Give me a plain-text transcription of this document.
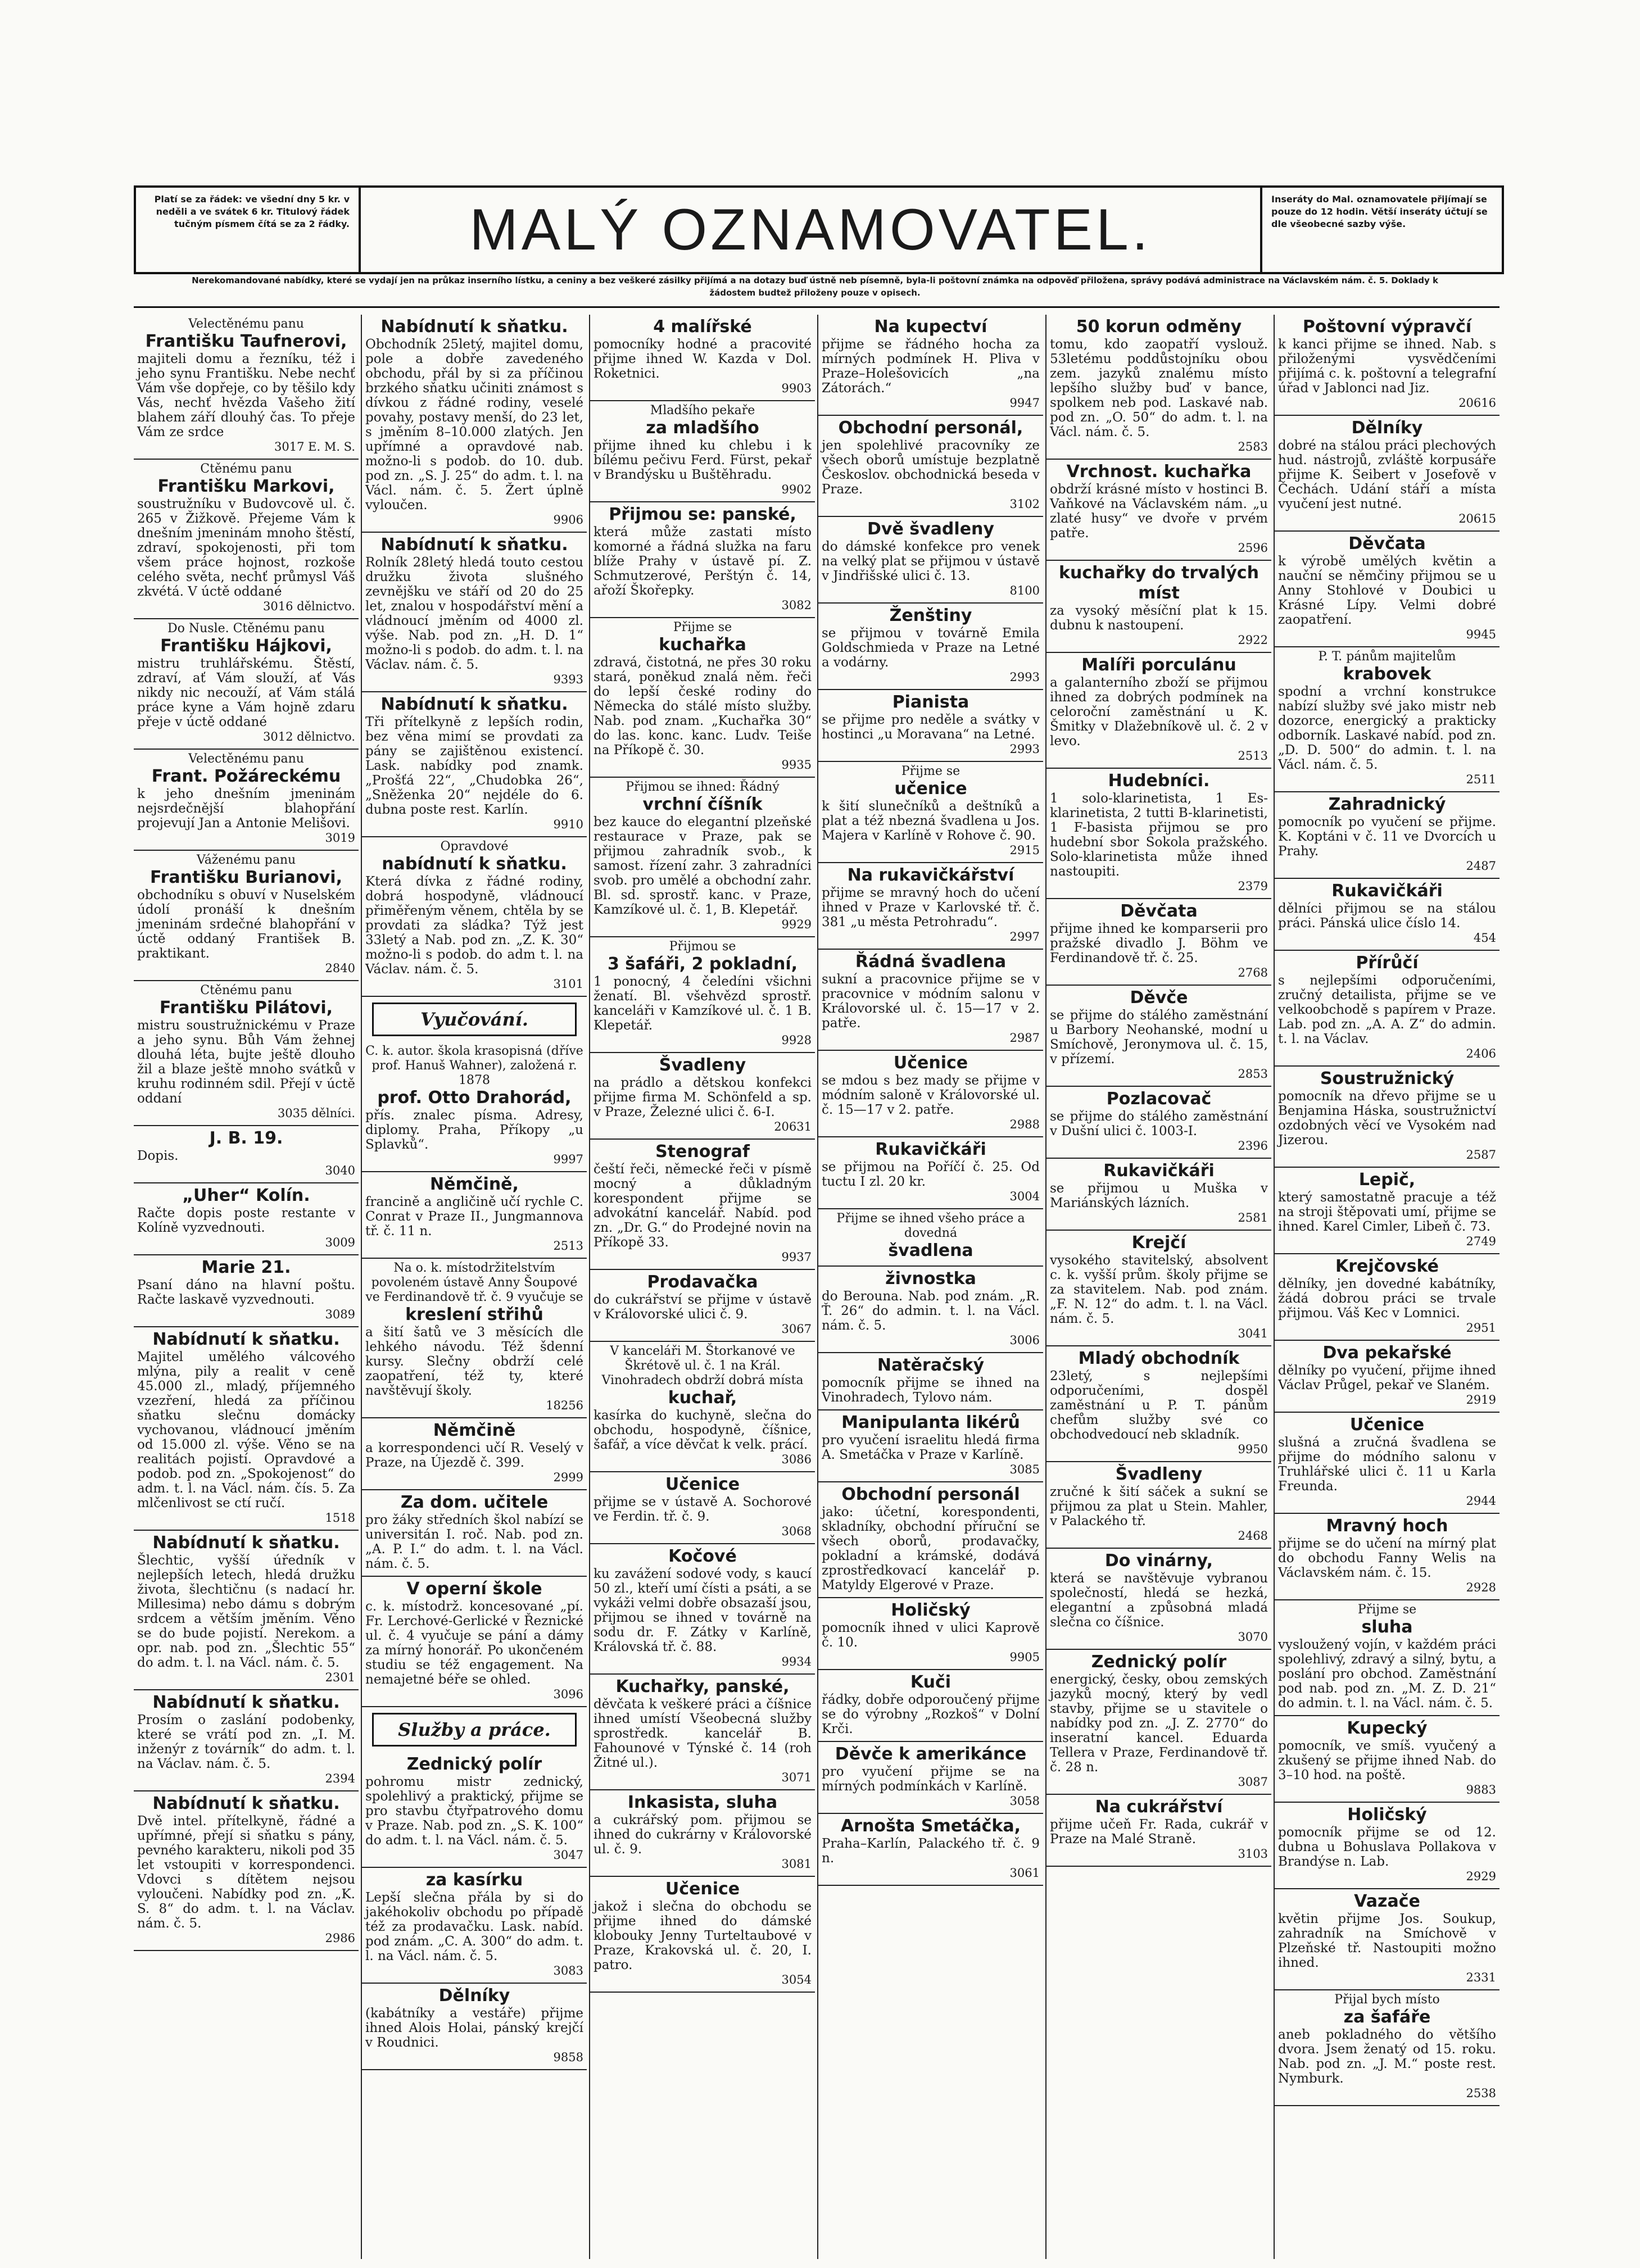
Platí se za řádek: ve všední dny 5 kr. v neděli a ve svátek 6 kr. Titulový řádek tučným písmem čítá se za 2 řádky.	MALÝ OZNAMOVATEL.	Inseráty do Mal. oznamovatele přijímají se pouze do 12 hodin. Větší inseráty účtují se dle všeobecné sazby výše.
Nerekomandované nabídky, které se vydají jen na průkaz inserního lístku, a ceniny a bez veškeré zásilky přijímá a na dotazy buď ústně neb písemně, byla-li poštovní známka na odpověď přiložena, správy podává administrace na Václavském nám. č. 5. Doklady k žádostem budtež přiloženy pouze v opisech.
Velectěnému panu
Františku Taufnerovi,
majiteli domu a řezníku, též i jeho synu Františku. Nebe nechť Vám vše dopřeje, co by těšilo kdy Vás, nechť hvězda Vašeho žití blahem září dlouhý čas. To přeje Vám ze srdce
3017 E. M. S.
Ctěnému panu
Františku Markovi,
soustružníku v Budovcově ul. č. 265 v Žižkově. Přejeme Vám k dnešním jmeninám mnoho štěstí, zdraví, spokojenosti, při tom všem práce hojnost, rozkoše celého světa, nechť průmysl Váš zkvétá. V úctě oddané
3016 dělnictvo.
Do Nusle. Ctěnému panu
Františku Hájkovi,
mistru truhlářskému. Štěstí, zdraví, ať Vám slouží, ať Vás nikdy nic neсouží, ať Vám stálá práce kyne a Vám hojně zdaru přeje v úctě oddané
3012 dělnictvo.
Velectěnému panu
Frant. Požárеckému
k jeho dnešním jmeninám nejsrdečnější blahopřání projevují Jan a Antonie Melišovi.
3019
Váženému panu
Františku Burianovi,
obchodníku s obuví v Nuselském údolí pronáší k dnešním jmeninám srdečné blahopřání v úctě oddaný František B. praktikant.
2840
Ctěnému panu
Františku Pilátovi,
mistru soustružnickému v Praze a jeho synu. Bůh Vám žehnej dlouhá léta, bujte ještě dlouho žil a blaze ještě mnoho svátků v kruhu rodinném sdil. Přejí v úctě oddaní
3035 dělníci.
J. B. 19.
Dopis.
3040
„Uher“ Kolín.
Račte dopis poste restante v Kolíně vyzvednouti.
3009
Marie 21.
Psaní dáno na hlavní poštu. Račte laskavě vyzvednouti.
3089
Nabídnutí k sňatku.
Majitel umělého válcového mlýna, pily a realit v ceně 45.000 zl., mladý, příjemného vzezření, hledá za příčinou sňatku slečnu domácky vychovanou, vládnoucí jměním od 15.000 zl. výše. Věno se na realitách pojistí. Opravdové a podob. pod zn. „Spokojenost“ do adm. t. l. na Václ. nám. čís. 5. Za mlčenlivost se ctí ručí.
1518
Nabídnutí k sňatku.
Šlechtic, vyšší úředník v nejlepších letech, hledá družku života, šlechtičnu (s nadací hr. Millesima) nebo dámu s dobrým srdcem a větším jměním. Věno se do bude pojistí. Nerekom. a opr. nab. pod zn. „Šlechtic 55“ do adm. t. l. na Václ. nám. č. 5.
2301
Nabídnutí k sňatku.
Prosím o zaslání podobenky, které se vrátí pod zn. „I. M. inženýr z továrník“ do adm. t. l. na Václav. nám. č. 5.
2394
Nabídnutí k sňatku.
Dvě intel. přítelkyně, řádné a upřímné, přejí si sňatku s pány, pevného karakteru, nikoli pod 35 let vstoupiti v korrespondenci. Vdovci s dítětem nejsou vyloučeni. Nabídky pod zn. „K. S. 8“ do adm. t. l. na Václav. nám. č. 5.
2986
Nabídnutí k sňatku.
Obchodník 25letý, majitel domu, pole a dobře zavedeného obchodu, přál by si za příčinou brzkého sňatku učiniti známost s dívkou z řádné rodiny, veselé povahy, postavy menší, do 23 let, s jměním 8–10.000 zlatých. Jen upřímné a opravdové nab. možno-li s podob. do 10. dub. pod zn. „S. J. 25“ do adm. t. l. na Václ. nám. č. 5. Žert úplně vyloučen.
9906
Nabídnutí k sňatku.
Rolník 28letý hledá touto cestou družku života slušného zevnějšku ve stáří od 20 do 25 let, znalou v hospodářství mění a vládnoucí jměním od 4000 zl. výše. Nab. pod zn. „H. D. 1“ možno-li s podob. do adm. t. l. na Václav. nám. č. 5.
9393
Nabídnutí k sňatku.
Tři přítelkyně z lepších rodin, bez věna mimí se provdati za pány se zajištěnou existencí. Lask. nabídky pod znamk. „Prošťá 22“, „Chudobka 26“, „Sněženka 20“ nejdéle do 6. dubna poste rest. Karlín.
9910
Opravdové
nabídnutí k sňatku.
Která dívka z řádné rodiny, dobrá hospodyně, vládnoucí přiměřeným věnem, chtěla by se provdati za sládka? Týž jest 33letý a Nab. pod zn. „Z. K. 30“ možno-li s podob. do adm t. l. na Václav. nám. č. 5.
3101
Vyučování.
C. k. autor. škola krasopisná (dříve prof. Hanuš Wahner), založená r. 1878
prof. Otto Drahorád,
přís. znalec písma. Adresy, diplomy. Praha, Příkopy „u Splavků“.
9997
Němčině,
francině a angličině učí rychle C. Conrat v Praze II., Jungmannova tř. č. 11 n.
2513
Na o. k. místodržitelstvím povoleném ústavě Anny Šoupové ve Ferdinandově tř. č. 9 vyučuje se
kreslení střihů
a šití šatů ve 3 měsících dle lehkého návodu. Též šdenní kursy. Slečny obdrží celé zaopatření, též ty, které navštěvují školy.
18256
Němčině
a korrespondenci učí R. Veselý v Praze, na Újezdě č. 399.
2999
Za dom. učitele
pro žáky středních škol nabízí se universitán I. roč. Nab. pod zn. „A. P. I.“ do adm. t. l. na Václ. nám. č. 5.
V operní škole
c. k. místodrž. koncesované „pí. Fr. Lerchové-Gerlické v Řeznické ul. č. 4 vyučuje se pání a dámy za mírný honorář. Po ukončeném studiu se též engagement. Na nemajetné béře se ohled.
3096
Služby a práce.
Zednický polír
pohromu mistr zednický, spolehlivý a praktický, přijme se pro stavbu čtyřpatrového domu v Praze. Nab. pod zn. „S. K. 100“ do adm. t. l. na Václ. nám. č. 5.
3047
za kasírku
Lepší slečna přála by si do jakéhokoliv obchodu po případě též za prodavačku. Lask. nabíd. pod znám. „C. A. 300“ do adm. t. l. na Václ. nám. č. 5.
3083
Dělníky
(kabátníky a vestáře) přijme ihned Alois Holai, pánský krejčí v Roudnici.
9858
4 malířské
pomocníky hodné a pracovité přijme ihned W. Kazda v Dol. Roketnici.
9903
Mladšího pekaře
za mladšího
přijme ihned ku chlebu i k bílému pečivu Ferd. Fürst, pekař v Brandýsku u Buštěhradu.
9902
Přijmou se: panské,
která může zastati místo komorné a řádná služka na faru blíže Prahy v ústavě pí. Z. Schmutzerové, Perštýn č. 14, ařoží Škořepky.
3082
Přijme se
kuchařka
zdravá, čistotná, ne přes 30 roku stará, poněkud znalá něm. řeči do lepší české rodiny do Německa do stálé místo služby. Nab. pod znam. „Kuchařka 30“ do las. konc. kanc. Ludv. Teiše na Příkopě č. 30.
9935
Přijmou se ihned: Řádný
vrchní číšník
bez kauce do elegantní plzeňské restaurace v Praze, pak se přijmou zahradník svob., k samost. řízení zahr. 3 zahradníci svob. pro umělé a obchodní zahr. Bl. sd. sprostř. kanc. v Praze, Kamzíkové ul. č. 1, B. Klepetář.
9929
Přijmou se
3 šafáři, 2 pokladní,
1 ponocný, 4 čeledíni všichni ženatí. Bl. všehvězd sprostř. kanceláři v Kamzíkové ul. č. 1 B. Klepetář.
9928
Švadleny
na prádlo a dětskou konfekci přijme firma M. Schönfeld a sp. v Praze, Železné ulici č. 6-I.
20631
Stenograf
čeští řeči, německé řeči v písmě mocný a důkladným korespondent přijme se advokátní kancelář. Nabíd. pod zn. „Dr. G.“ do Prodejné novin na Příkopě 33.
9937
Prodavačka
do cukrářství se přijme v ústavě v Královorské ulici č. 9.
3067
V kanceláři M. Štorkanové ve Škrétově ul. č. 1 na Král. Vinohradech obdrží dobrá místa
kuchař,
kasírka do kuchyně, slečna do obchodu, hospodyně, číšnice, šafář, a více děvčat k velk. prácí.
3086
Učenice
přijme se v ústavě A. Sochorové ve Ferdin. tř. č. 9.
3068
Kočové
ku zavážení sodové vody, s kaucí 50 zl., kteří umí čísti a psáti, a se vykáži velmi dobře obsazaší jsou, přijmou se ihned v továrně na sodu dr. F. Zátky v Karlíně, Královská tř. č. 88.
9934
Kuchařky, panské,
děvčata k veškeré práci a číšnice ihned umístí Všeobecná služby sprostředk. kancelář B. Fahounové v Týnské č. 14 (roh Žitné ul.).
3071
Inkasista, sluha
a cukrářský pom. přijmou se ihned do cukrárny v Královorské ul. č. 9.
3081
Učenice
jakož i slečna do obchodu se přijme ihned do dámské klobouky Jenny Turteltaubové v Praze, Krakovská ul. č. 20, I. patro.
3054
Na kupectví
přijme se řádného hocha za mírných podmínek H. Pliva v Praze–Holešovicích „na Zátorách.“
9947
Obchodní personál,
jen spolehlivé pracovníky ze všech oborů umístuje bezplatně Českoslov. obchodnická beseda v Praze.
3102
Dvě švadleny
do dámské konfekce pro venek na velký plat se přijmou v ústavě v Jindřišské ulici č. 13.
8100
Ženštiny
se přijmou v továrně Emila Goldschmieda v Praze na Letné a vodárny.
2993
Pianista
se přijme pro neděle a svátky v hostinci „u Moravana“ na Letné.
2993
Přijme se
učenice
k šití slunečníků a deštníků a plat a též nbezná švadlena u Jos. Majera v Karlíně v Rohove č. 90.
2915
Na rukavičkářství
přijme se mravný hoch do učení ihned v Praze v Karlovské tř. č. 381 „u města Petrohradu“.
2997
Řádná švadlena
sukní a pracovnice přijme se v pracovnice v módním salonu v Královorské ul. č. 15—17 v 2. patře.
2987
Učenice
se mdou s bez mady se přijme v módním saloně v Královorské ul. č. 15—17 v 2. patře.
2988
Rukavičkáři
se přijmou na Poříčí č. 25. Od tuctu I zl. 20 kr.
3004
Přijme se ihned všeho práce a dovedná
švadlena
živnostka
do Berouna. Nab. pod znám. „R. Ť. 26“ do admin. t. l. na Václ. nám. č. 5.
3006
Natěračský
pomocník přijme se ihned na Vinohradech, Tylovo nám.
Manipulanta likérů
pro vyučení israelitu hledá firma A. Smetáčka v Praze v Karlíně.
3085
Obchodní personál
jako: účetní, korespondenti, skladníky, obchodní příruční se všech oborů, prodavačky, pokladní a krámské, dodává zprostředkovací kancelář p. Matyldy Elgerové v Praze.
Holičský
pomocník ihned v ulici Kaprově č. 10.
9905
Kuči
řádky, dobře odporoučený přijme se do výrobny „Rozkoš“ v Dolní Krči.
Děvče k amerikánce
pro vyučení přijme se na mírných podmínkách v Karlíně.
3058
Arnošta Smetáčka,
Praha–Karlín, Palackého tř. č. 9 n.
3061
50 korun odměny
tomu, kdo zaopatří vyslouž. 53letému poddůstojníku obou zem. jazyků znalému místo lepšího služby buď v bance, spolkem neb pod. Laskavé nab. pod zn. „O. 50“ do adm. t. l. na Václ. nám. č. 5.
2583
Vrchnost. kuchařka
obdrží krásné místo v hostinci B. Vaňkové na Václavském nám. „u zlaté husy“ ve dvoře v prvém patře.
2596
kuchařky do trvalých míst
za vysoký měsíční plat k 15. dubnu k nastoupení.
2922
Malíři porculánu
a galanterního zboží se přijmou ihned za dobrých podmínek na celoroční zaměstnání u K. Šmitky v Dlažebníkově ul. č. 2 v levo.
2513
Hudebníci.
1 solo-klarinetista, 1 Es-klarinetista, 2 tutti B-klarinetisti, 1 F-basista přijmou se pro hudební sbor Sokola pražského. Solo-klarinetista může ihned nastoupiti.
2379
Děvčata
přijme ihned ke komparserii pro pražské divadlo J. Böhm ve Ferdinandově tř. č. 25.
2768
Děvče
se přijme do stálého zaměstnání u Barbory Neohanské, modní u Smíchově, Jeronymova ul. č. 15, v přízemí.
2853
Pozlacovač
se přijme do stálého zaměstnání v Dušní ulici č. 1003-I.
2396
Rukavičkáři
se přijmou u Muška v Mariánských lázních.
2581
Krejčí
vysokého stavitelský, absolvent c. k. vyšší prům. školy přijme se za stavitelem. Nab. pod znám. „F. N. 12“ do adm. t. l. na Václ. nám. č. 5.
3041
Mladý obchodník
23letý, s nejlepšími odporučeními, dospěl zaměstnání u P. T. pánům chefům služby své co obchodvedoucí neb skladník.
9950
Švadleny
zručné k šití sáček a sukní se přijmou za plat u Stein. Mahler, v Palackého tř.
2468
Do vinárny,
která se navštěvuje vybranou společností, hledá se hezká, elegantní a způsobná mladá slečna co číšnice.
3070
Zednický polír
energický, česky, obou zemských jazyků mocný, který by vedl stavby, přijme se u stavitele o nabídky pod zn. „J. Z. 2770“ do inseratní kancel. Eduarda Tellera v Praze, Ferdinandově tř. č. 28 n.
3087
Na cukrářství
přijme učeň Fr. Rada, cukrář v Praze na Malé Straně.
3103
Poštovní výpravčí
k kanci přijme se ihned. Nab. s přiloženými vysvědčeními přijímá c. k. poštovní a telegrafní úřad v Jablonci nad Jiz.
20616
Dělníky
dobré na stálou práci plechových hud. nástrojů, zvláště korpusáře přijme K. Seibert v Josefově v Čechách. Udání stáří a místa vyučení jest nutné.
20615
Děvčata
k výrobě umělých květin a nauční se němčiny přijmou se u Anny Stohlové v Doubici u Krásné Lípy. Velmi dobré zaopatření.
9945
P. T. pánům majitelům
krabovek
spodní a vrchní konstrukce nabízí služby své jako mistr neb dozorce, energický a prakticky odborník. Laskavé nabíd. pod zn. „D. D. 500“ do admin. t. l. na Václ. nám. č. 5.
2511
Zahradnický
pomocník po vyučení se přijme. K. Koptáni v č. 11 ve Dvorcích u Prahy.
2487
Rukavičkáři
dělníci přijmou se na stálou práci. Pánská ulice číslo 14.
454
Přírůčí
s nejlepšími odporučeními, zručný detailista, přijme se ve velkoobchodě s papírem v Praze. Lab. pod zn. „A. A. Z“ do admin. t. l. na Václav.
2406
Soustružnický
pomocník na dřevo přijme se u Benjamina Háska, soustružnictví ozdobných věcí ve Vysokém nad Jizerou.
2587
Lepič,
který samostatně pracuje a též na stroji štěpovati umí, přijme se ihned. Karel Cimler, Libeň č. 73.
2749
Krejčovské
dělníky, jen dovedné kabátníky, žádá dobrou práci se trvale přijmou. Váš Kec v Lomnici.
2951
Dva pekařské
dělníky po vyučení, přijme ihned Václav Průgel, pekař ve Slaném.
2919
Učenice
slušná a zručná švadlena se přijme do módního salonu v Truhlářské ulici č. 11 u Karla Freunda.
2944
Mravný hoch
přijme se do učení na mírný plat do obchodu Fanny Welis na Václavském nám. č. 15.
2928
Přijme se
sluha
vysloužený vojín, v každém práci spolehlivý, zdravý a silný, bytu, a poslání pro obchod. Zaměstnání pod nab. pod zn. „M. Z. D. 21“ do admin. t. l. na Václ. nám. č. 5.
Kupecký
pomocník, ve smíš. vyučený a zkušený se přijme ihned Nab. do 3–10 hod. na poště.
9883
Holičský
pomocník přijme se od 12. dubna u Bohuslava Pollakova v Brandýse n. Lab.
2929
Vazače
květin přijme Jos. Soukup, zahradník na Smíchově v Plzeňské tř. Nastoupiti možno ihned.
2331
Přijal bych místo
za šafáře
aneb pokladného do většího dvora. Jsem ženatý od 15. roku. Nab. pod zn. „J. M.“ poste rest. Nymburk.
2538
